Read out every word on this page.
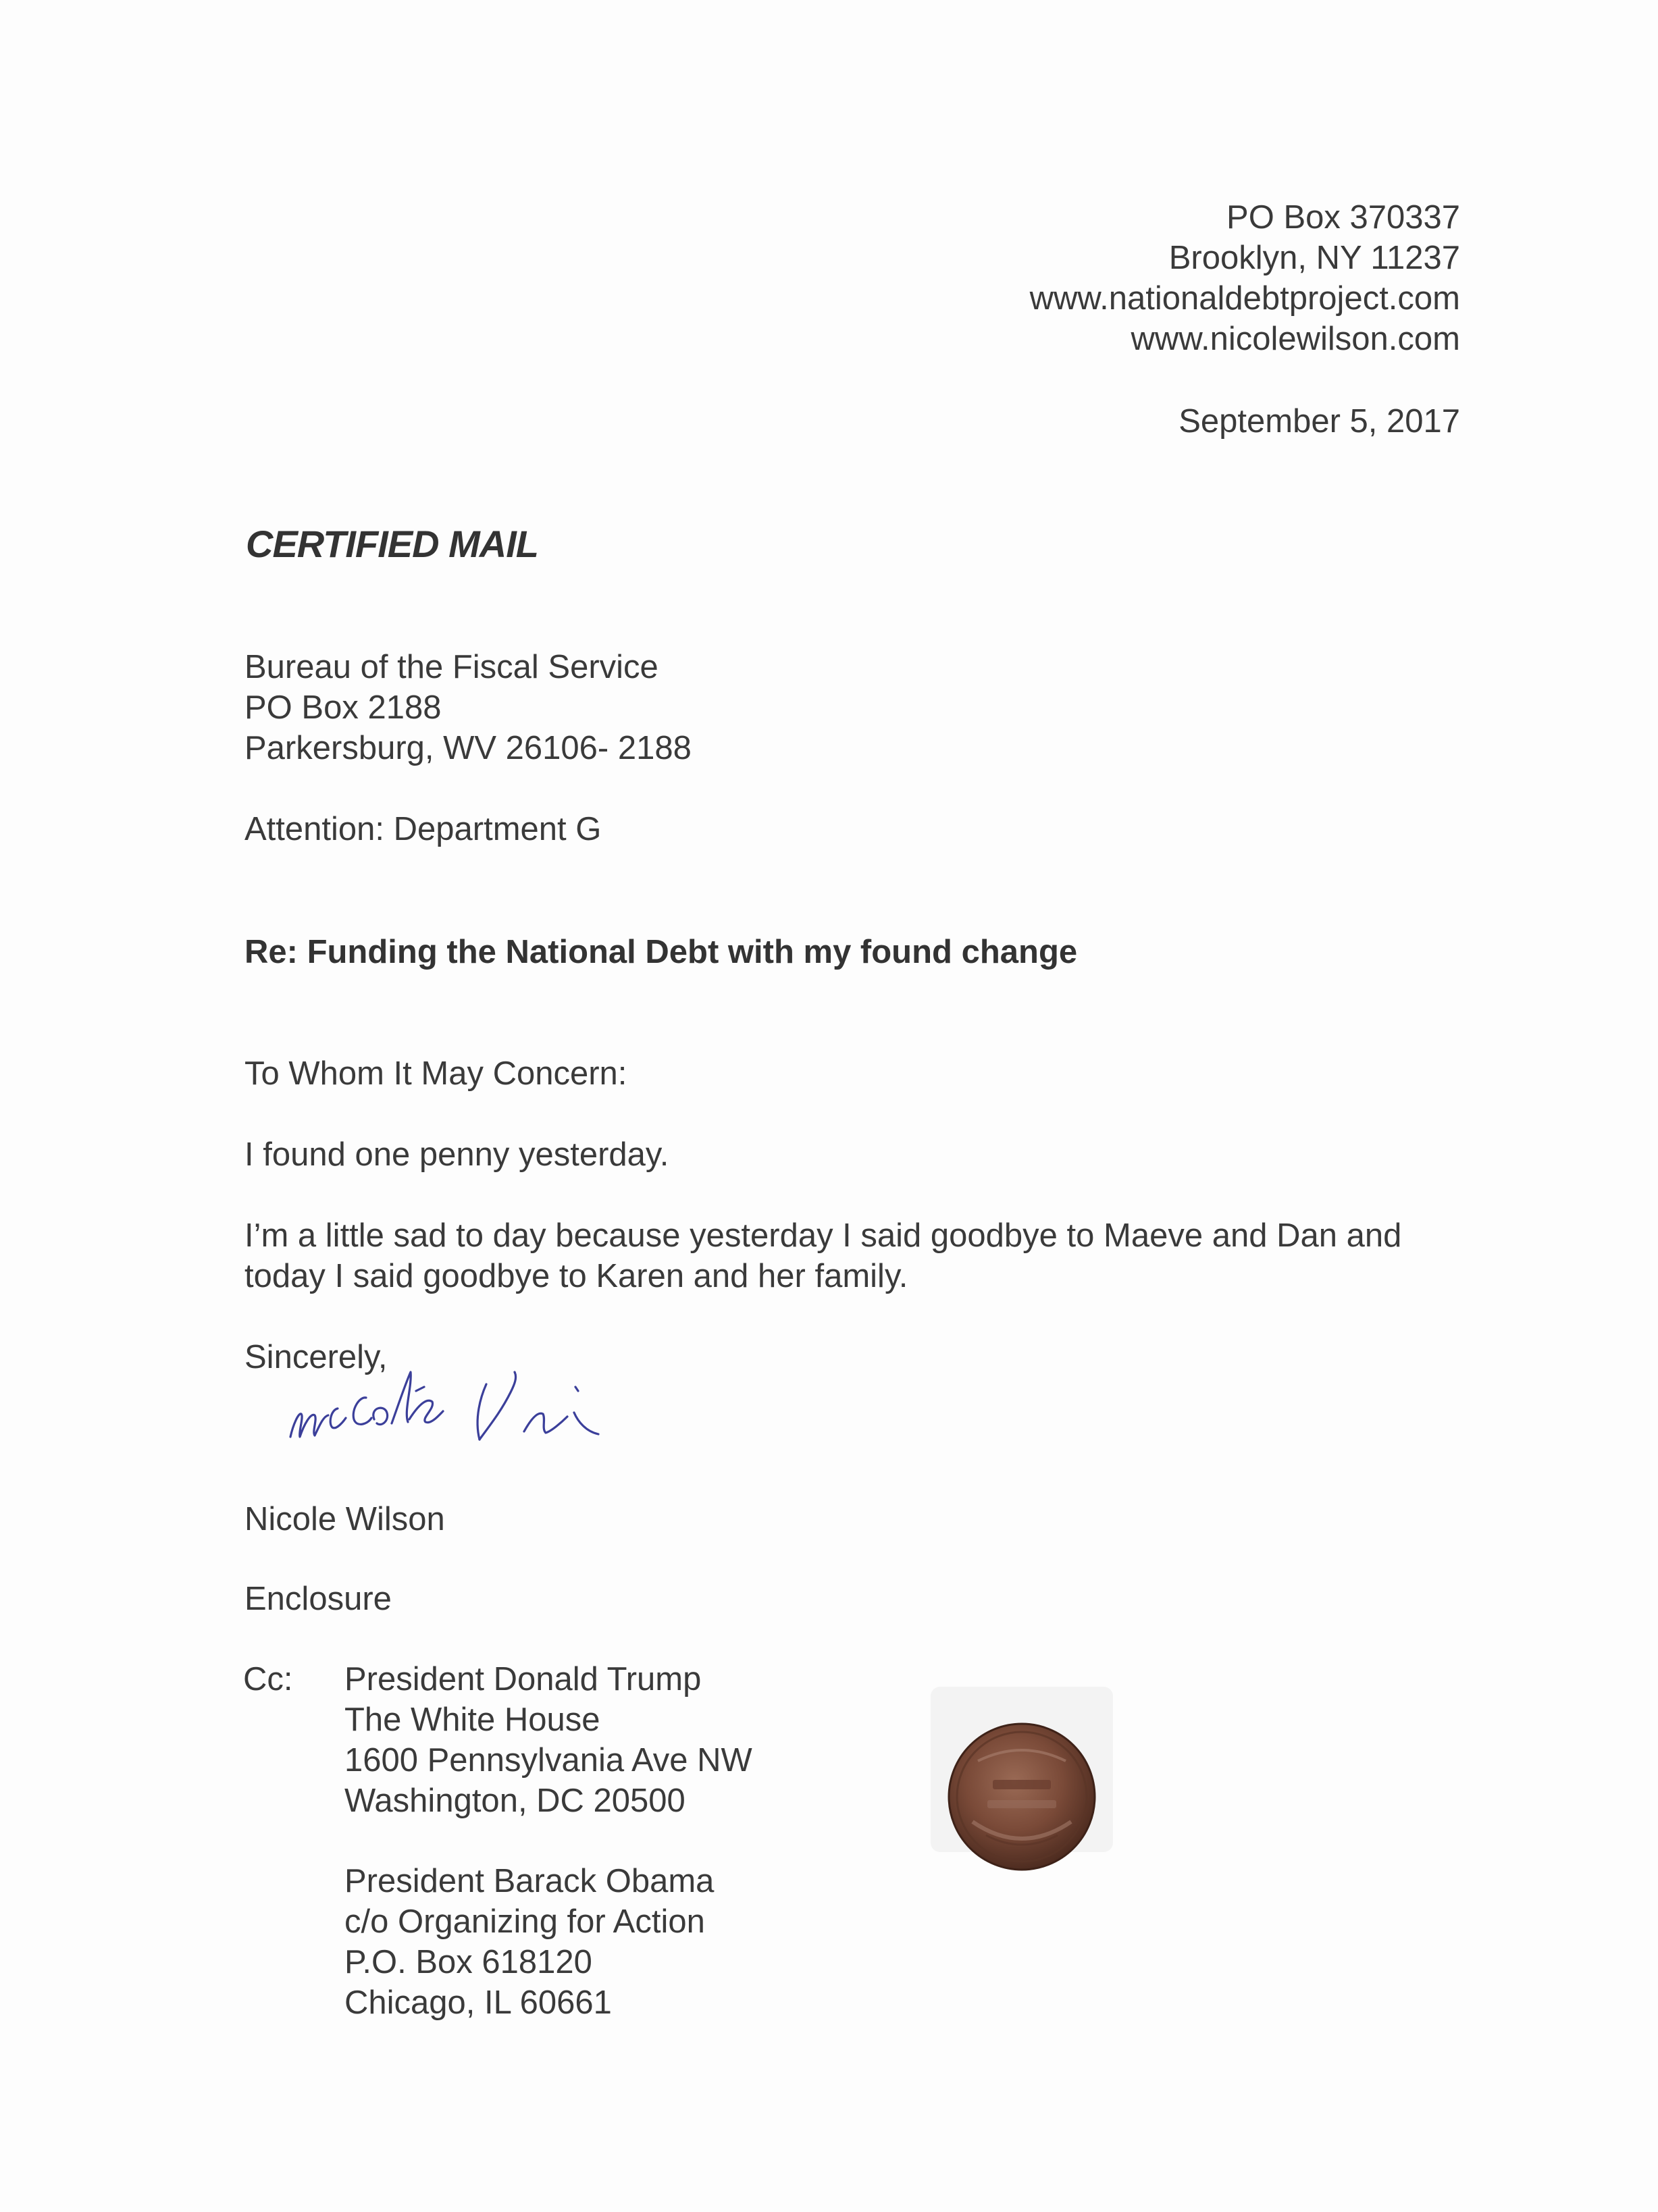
PO Box 370337
Brooklyn, NY 11237
www.nationaldebtproject.com
www.nicolewilson.com
September 5, 2017
CERTIFIED MAIL
Bureau of the Fiscal Service
PO Box 2188
Parkersburg, WV 26106- 2188
Attention: Department G
Re: Funding the National Debt with my found change
To Whom It May Concern:
I found one penny yesterday.
I’m a little sad to day because yesterday I said goodbye to Maeve and Dan and
today I said goodbye to Karen and her family.
Sincerely,
Nicole Wilson
Enclosure
Cc: President Donald Trump
The White House
1600 Pennsylvania Ave NW
Washington, DC 20500
President Barack Obama
c/o Organizing for Action
P.O. Box 618120
Chicago, IL 60661
